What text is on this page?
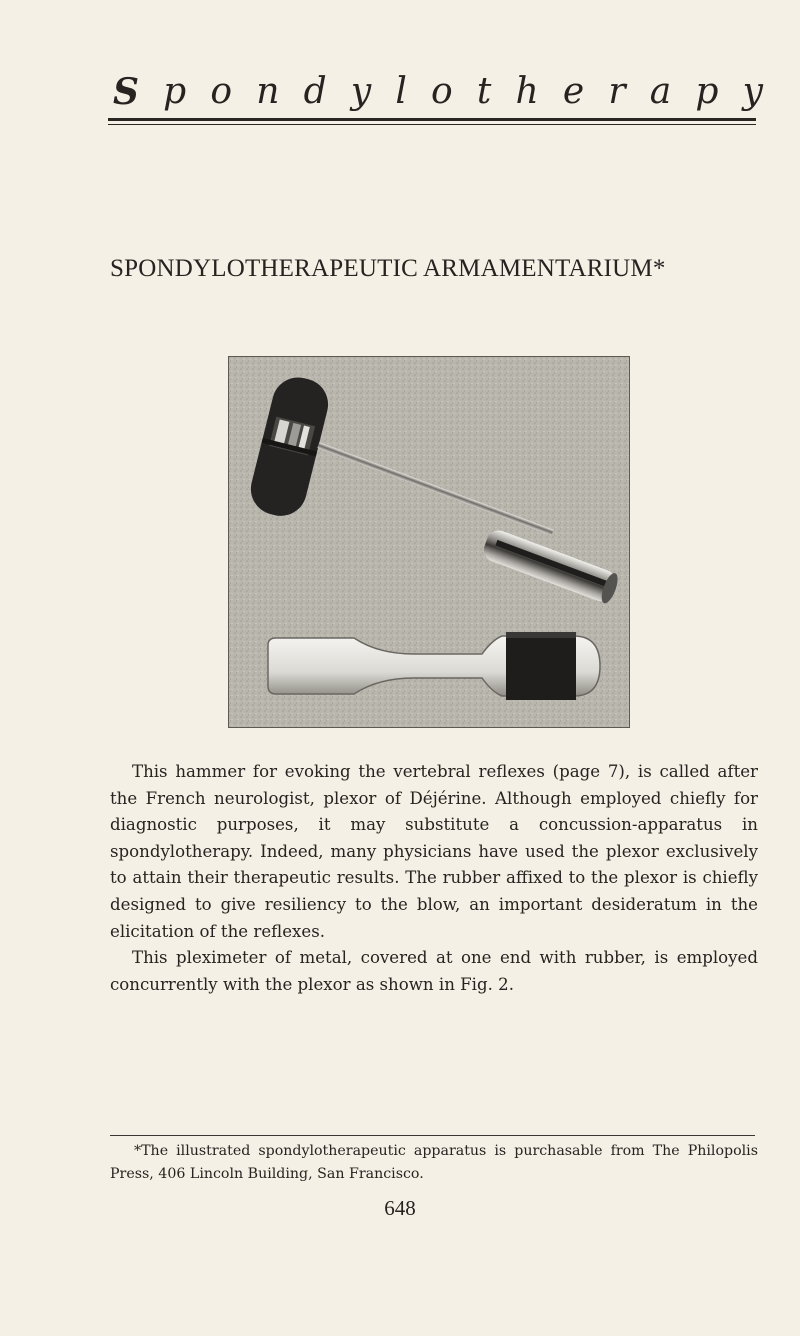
S p o n d y l o t h e r a p y
SPONDYLOTHERAPEUTIC ARMAMENTARIUM*

This hammer for evoking the vertebral reflexes (page 7), is called after the French neurologist, plexor of Déjérine. Although employed chiefly for diagnostic purposes, it may substitute a concussion-apparatus in spondylotherapy. Indeed, many physicians have used the plexor exclusively to attain their therapeutic results. The rubber affixed to the plexor is chiefly designed to give resiliency to the blow, an important desideratum in the elicitation of the reflexes.

This pleximeter of metal, covered at one end with rubber, is employed concurrently with the plexor as shown in Fig. 2.

*The illustrated spondylotherapeutic apparatus is purchasable from The Philopolis Press, 406 Lincoln Building, San Francisco.

648
